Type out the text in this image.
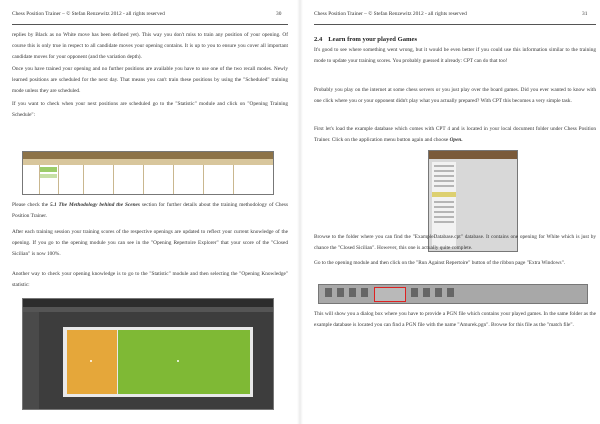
Chess Position Trainer – © Stefan Renzewitz 2012 - all rights reserved	30

replies by Black as no White move has been defined yet). This way you don't miss to train any position of your opening. Of course this is only true in respect to all candidate moves your opening contains. It is up to you to ensure you cover all important candidate moves for your opponent (and the variation depth).

Once you have trained your opening and no further positions are available you have to use one of the two recall modes. Newly learned positions are scheduled for the next day. That means you can't train these positions by using the "Scheduled" training mode unless they are scheduled.

If you want to check when your next positions are scheduled go to the "Statistic" module and click on "Opening Training Schedule":

Please check the 5.1 The Methodology behind the Scenes section for further details about the training methodology of Chess Position Trainer.

After each training session your training scores of the respective openings are updated to reflect your current knowledge of the opening. If you go to the opening module you can see in the "Opening Repertoire Explorer" that your score of the "Closed Sicilian" is now 100%.

Another way to check your opening knowledge is to go to the "Statistic" module and then selecting the "Opening Knowledge" statistic:

Chess Position Trainer – © Stefan Renzewitz 2012 - all rights reserved	31
2.4 Learn from your played Games

It's good to see where something went wrong, but it would be even better if you could use this information similar to the training mode to update your training scores. You probably guessed it already: CPT can do that too!

Probably you play on the internet at some chess servers or you just play over the board games. Did you ever wanted to know with one click where you or your opponent didn't play what you actually prepared? With CPT this becomes a very simple task.

First let's load the example database which comes with CPT 4 and is located in your local document folder under Chess Position Trainer. Click on the application menu button again and choose Open.

Browse to the folder where you can find the "ExampleDatabase.cpt" database. It contains one opening for White which is just by chance the "Closed Sicilian". However, this one is actually quite complete.

Go to the opening module and then click on the "Run Against Repertoire" button of the ribbon page "Extra Windows".

This will show you a dialog box where you have to provide a PGN file which contains your played games. In the same folder as the example database is located you can find a PGN file with the name "Amurek.pgn". Browse for this file as the "match file".
